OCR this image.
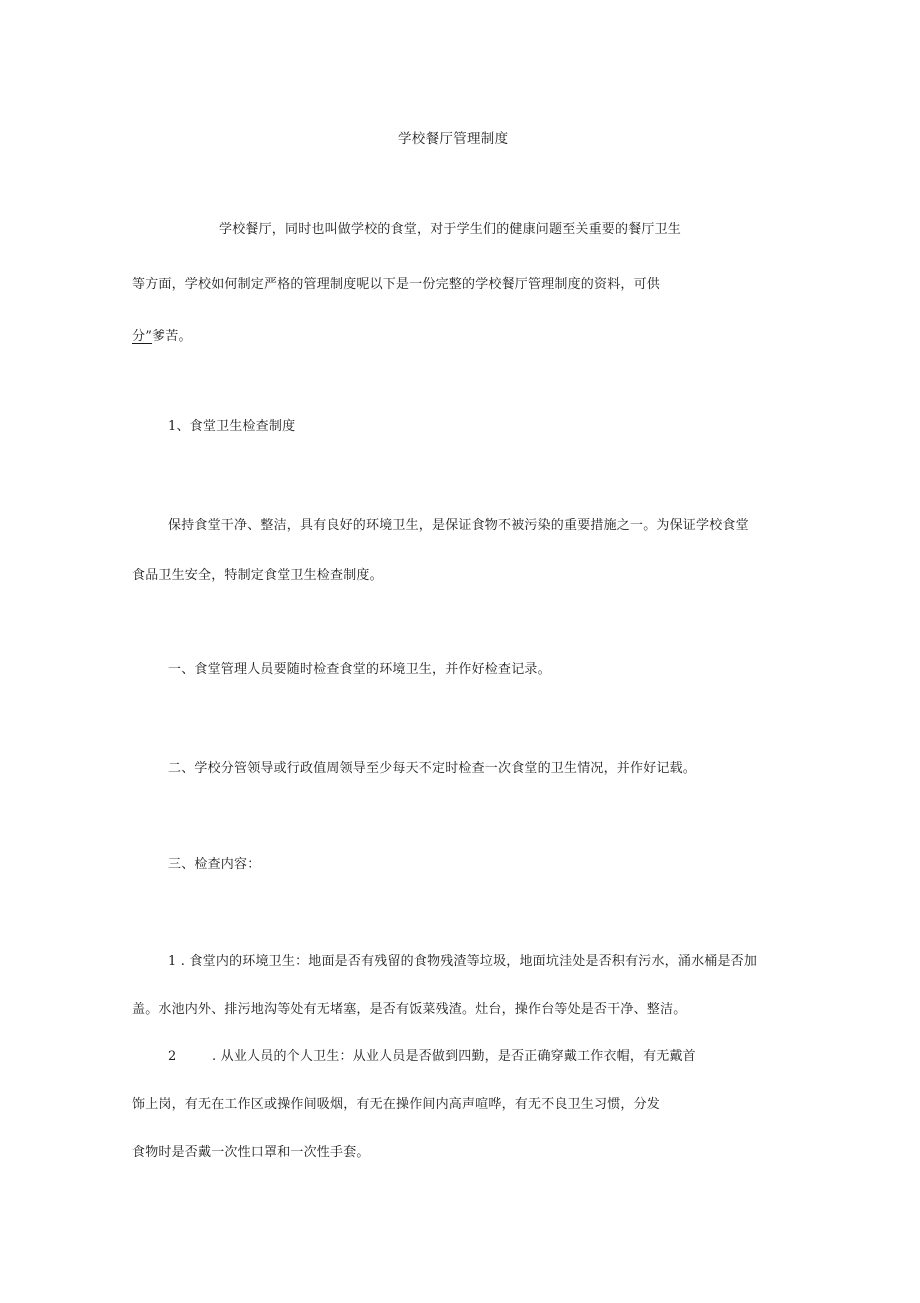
学校餐厅管理制度
学校餐厅，同时也叫做学校的食堂，对于学生们的健康问题至关重要的餐厅卫生
等方面，学校如何制定严格的管理制度呢以下是一份完整的学校餐厅管理制度的资料，可供
分”爹苦。
1、食堂卫生检查制度
保持食堂干净、整洁，具有良好的环境卫生，是保证食物不被污染的重要措施之一。为保证学校食堂
食品卫生安全，特制定食堂卫生检查制度。
一、食堂管理人员要随时检查食堂的环境卫生，并作好检查记录。
二、学校分管领导或行政值周领导至少每天不定时检查一次食堂的卫生情况，并作好记载。
三、检查内容：
1 . 食堂内的环境卫生：地面是否有残留的食物残渣等垃圾，地面坑洼处是否积有污水，涌水桶是否加
盖。水池内外、排污地沟等处有无堵塞，是否有饭菜残渣。灶台，操作台等处是否干净、整洁。
2	. 从业人员的个人卫生：从业人员是否做到四勤，是否正确穿戴工作衣帽，有无戴首
饰上岗，有无在工作区或操作间吸烟，有无在操作间内高声喧哗，有无不良卫生习惯，分发
食物时是否戴一次性口罩和一次性手套。
